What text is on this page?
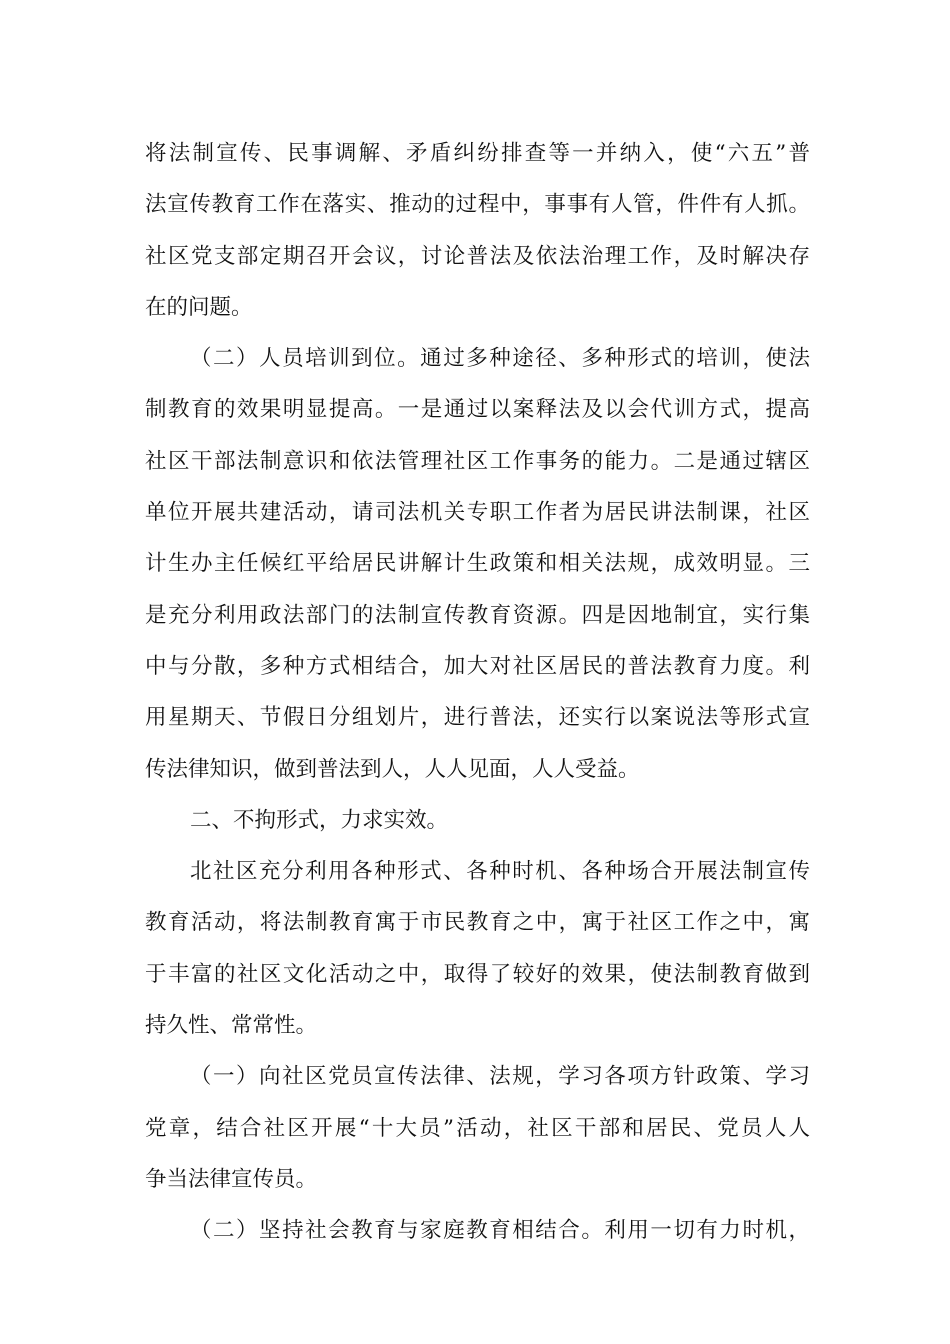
将法制宣传、民事调解、矛盾纠纷排查等一并纳入，使“六五”普
法宣传教育工作在落实、推动的过程中，事事有人管，件件有人抓。
社区党支部定期召开会议，讨论普法及依法治理工作，及时解决存
在的问题。
（二）人员培训到位。通过多种途径、多种形式的培训，使法
制教育的效果明显提高。一是通过以案释法及以会代训方式，提高
社区干部法制意识和依法管理社区工作事务的能力。二是通过辖区
单位开展共建活动，请司法机关专职工作者为居民讲法制课，社区
计生办主任候红平给居民讲解计生政策和相关法规，成效明显。三
是充分利用政法部门的法制宣传教育资源。四是因地制宜，实行集
中与分散，多种方式相结合，加大对社区居民的普法教育力度。利
用星期天、节假日分组划片，进行普法，还实行以案说法等形式宣
传法律知识，做到普法到人，人人见面，人人受益。
二、不拘形式，力求实效。
北社区充分利用各种形式、各种时机、各种场合开展法制宣传
教育活动，将法制教育寓于市民教育之中，寓于社区工作之中，寓
于丰富的社区文化活动之中，取得了较好的效果，使法制教育做到
持久性、常常性。
（一）向社区党员宣传法律、法规，学习各项方针政策、学习
党章，结合社区开展“十大员”活动，社区干部和居民、党员人人
争当法律宣传员。
（二）坚持社会教育与家庭教育相结合。利用一切有力时机，
